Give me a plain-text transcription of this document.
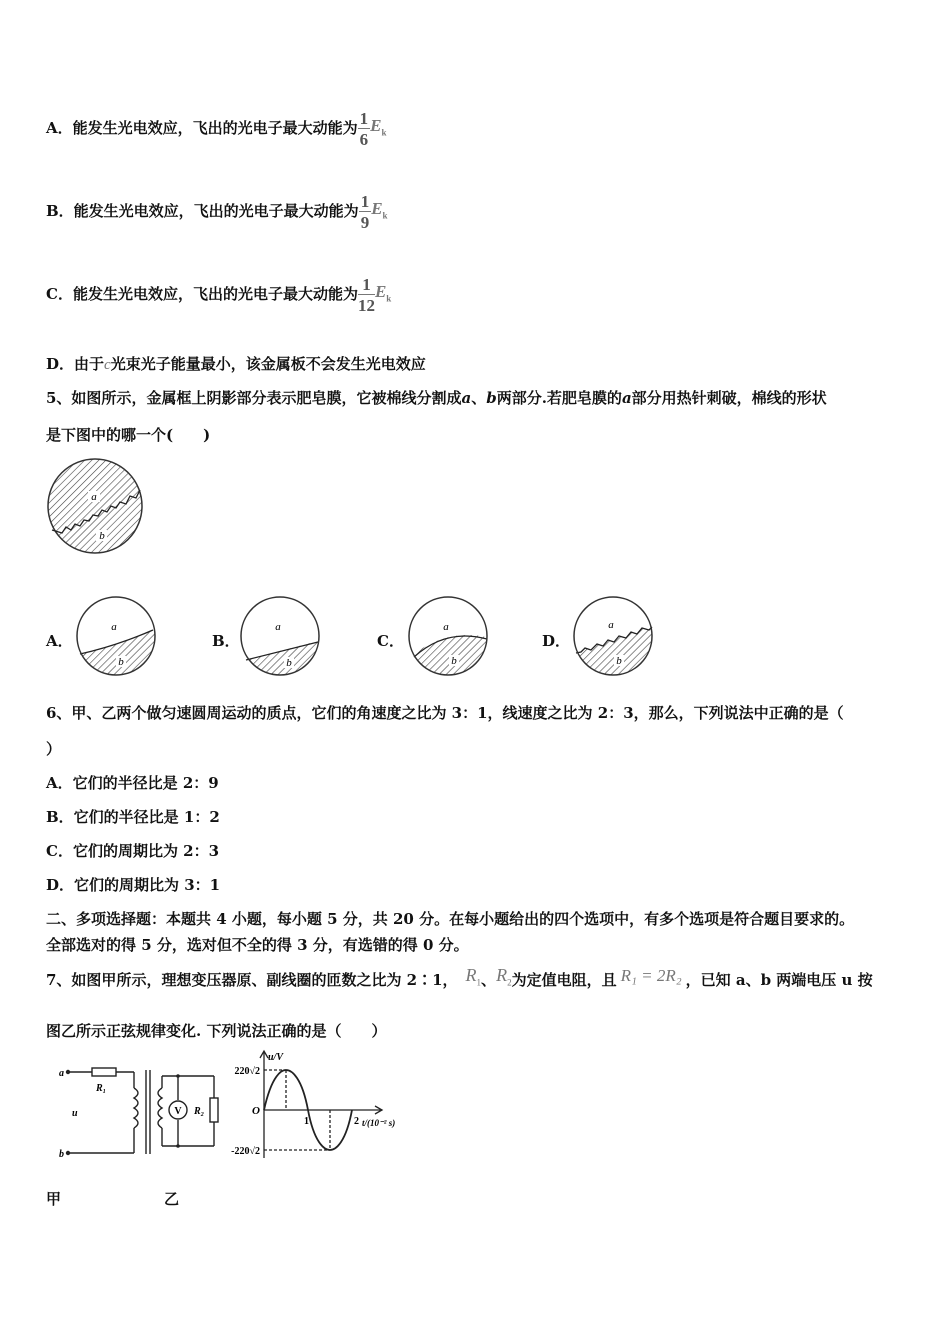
A．能发生光电效应，飞出的光电子最大动能为 $\frac{1}{6} E_k$
B．能发生光电效应，飞出的光电子最大动能为 $\frac{1}{9} E_k$
C．能发生光电效应，飞出的光电子最大动能为 $\frac{1}{12} E_k$
D．由于c光束光子能量最小，该金属板不会发生光电效应
5、如图所示，金属框上阴影部分表示肥皂膜，它被棉线分割成a、b两部分.若肥皂膜的a部分用热针刺破，棉线的形状
是下图中的哪一个(　　)
a
b
A．
a
b
B．
a
b
C．
a
b
D．
a
b
6、甲、乙两个做匀速圆周运动的质点，它们的角速度之比为 3：1，线速度之比为 2：3，那么，下列说法中正确的是（
）
A．它们的半径比是 2：9
B．它们的半径比是 1：2
C．它们的周期比为 2：3
D．它们的周期比为 3：1
二、多项选择题：本题共 4 小题，每小题 5 分，共 20 分。在每小题给出的四个选项中，有多个选项是符合题目要求的。
全部选对的得 5 分，选对但不全的得 3 分，有选错的得 0 分。
7、如图甲所示，理想变压器原、副线圈的匝数之比为 2∶1， $R_1$、$R_2$为定值电阻，且 R₁ = 2R₂ ，已知 a、b 两端电压 u 按
图乙所示正弦规律变化. 下列说法正确的是（　　）
a
b
u
R₁
V R₂
u/V
220√2
O
-220√2
1	2 t/(10⁻² s)
甲	乙
